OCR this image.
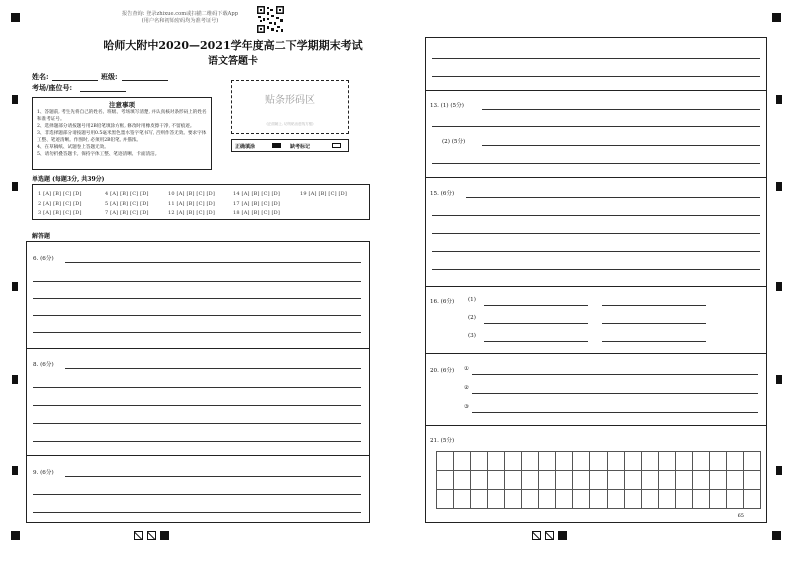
报告查询: 登录zhixue.com或扫描二维码下载App
(用户名和初始密码均为准考证号)
哈师大附中2020—2021学年度高二下学期期末考试
语文答题卡
姓名:	班级:
考场/座位号:
贴条形码区
(正面朝上, 切勿贴出虚线方框)
注意事项
1、答题前, 考生先将自己的姓名、班级、考场填写清楚, 并认真核对条形码上的姓名和准考证号。
2、选择题部分请按题号用2B铅笔填涂方框, 修改时用橡皮擦干净, 不留痕迹。
3、非选择题部分请按题号用0.5毫米黑色墨水签字笔书写, 否则作答无效。要求字体工整、笔迹清晰。作图时, 必须用2B铅笔, 并描浓。
4、在草稿纸、试题卷上答题无效。
5、请勿折叠答题卡。保持字体工整、笔迹清晰、卡面清洁。
正确填涂	缺考标记
单选题 (每题3分, 共39分)
1 [A] [B] [C] [D]	4 [A] [B] [C] [D]	10 [A] [B] [C] [D]	14 [A] [B] [C] [D]	19 [A] [B] [C] [D]
2 [A] [B] [C] [D]	5 [A] [B] [C] [D]	11 [A] [B] [C] [D]	17 [A] [B] [C] [D]
3 [A] [B] [C] [D]	7 [A] [B] [C] [D]	12 [A] [B] [C] [D]	18 [A] [B] [C] [D]
解答题
6. (6分)
8. (6分)
9. (6分)
13. (1) (5分)
(2) (5分)
15. (6分)
16. (6分) (1)
(2)
(3)
20. (6分) ①
②
③
21. (5分)
65
